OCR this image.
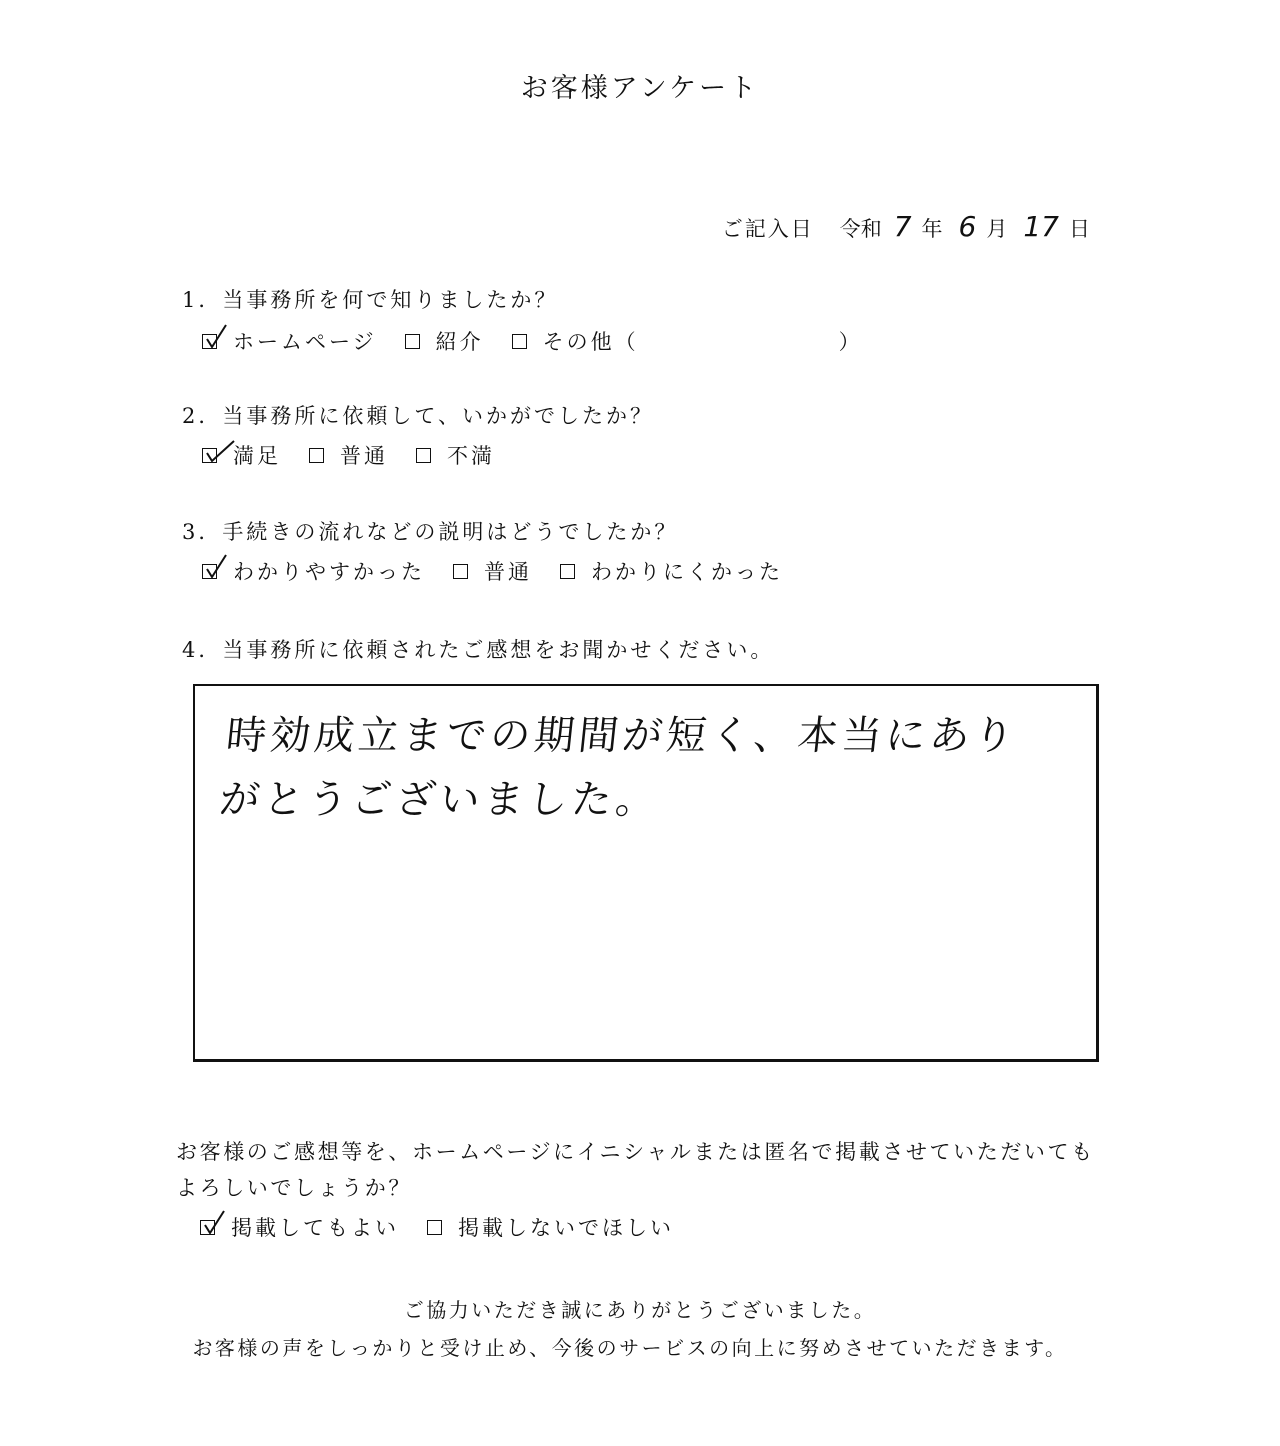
お客様アンケート
ご記入日 令和 7 年 6 月 17 日
1．当事務所を何で知りましたか？
ホームページ	紹介	その他（	）
2．当事務所に依頼して、いかがでしたか？
満足	普通	不満
3．手続きの流れなどの説明はどうでしたか？
わかりやすかった	普通	わかりにくかった
4．当事務所に依頼されたご感想をお聞かせください。
時効成立までの期間が短く、本当にありがとうございました。
お客様のご感想等を、ホームページにイニシャルまたは匿名で掲載させていただいてもよろしいでしょうか？
掲載してもよい	掲載しないでほしい
ご協力いただき誠にありがとうございました。
お客様の声をしっかりと受け止め、今後のサービスの向上に努めさせていただきます。
